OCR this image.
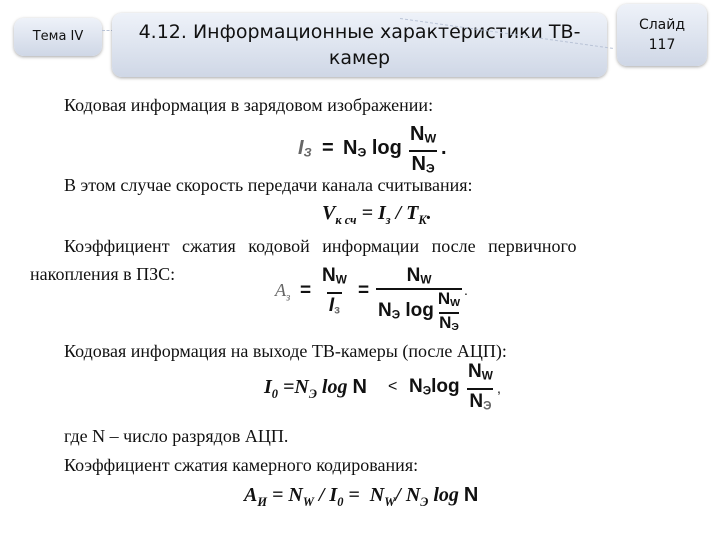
Тема IV	4.12. Информационные характеристики ТВ-камер
Слайд
117
Кодовая информация в зарядовом изображении:
IЗ = NЭ log
NW
NЭ
.
В этом случае скорость передачи канала считывания:
$V_{к сч} = I_з / T_K$.
Коэффициент сжатия кодовой информации после первичного
накопления в ПЗС:
$A_з$ =
NW
Iз
=
NW
NЭ log
NW
NЭ
.
Кодовая информация на выходе ТВ-камеры (после АЦП):
$I_0 =N_Э$ log N < NЭlog
NW
NЭ
,
где N – число разрядов АЦП.
Коэффициент сжатия камерного кодирования:
$A_И = N_W / I_0 = N_W/$ $N_Э$ log N
